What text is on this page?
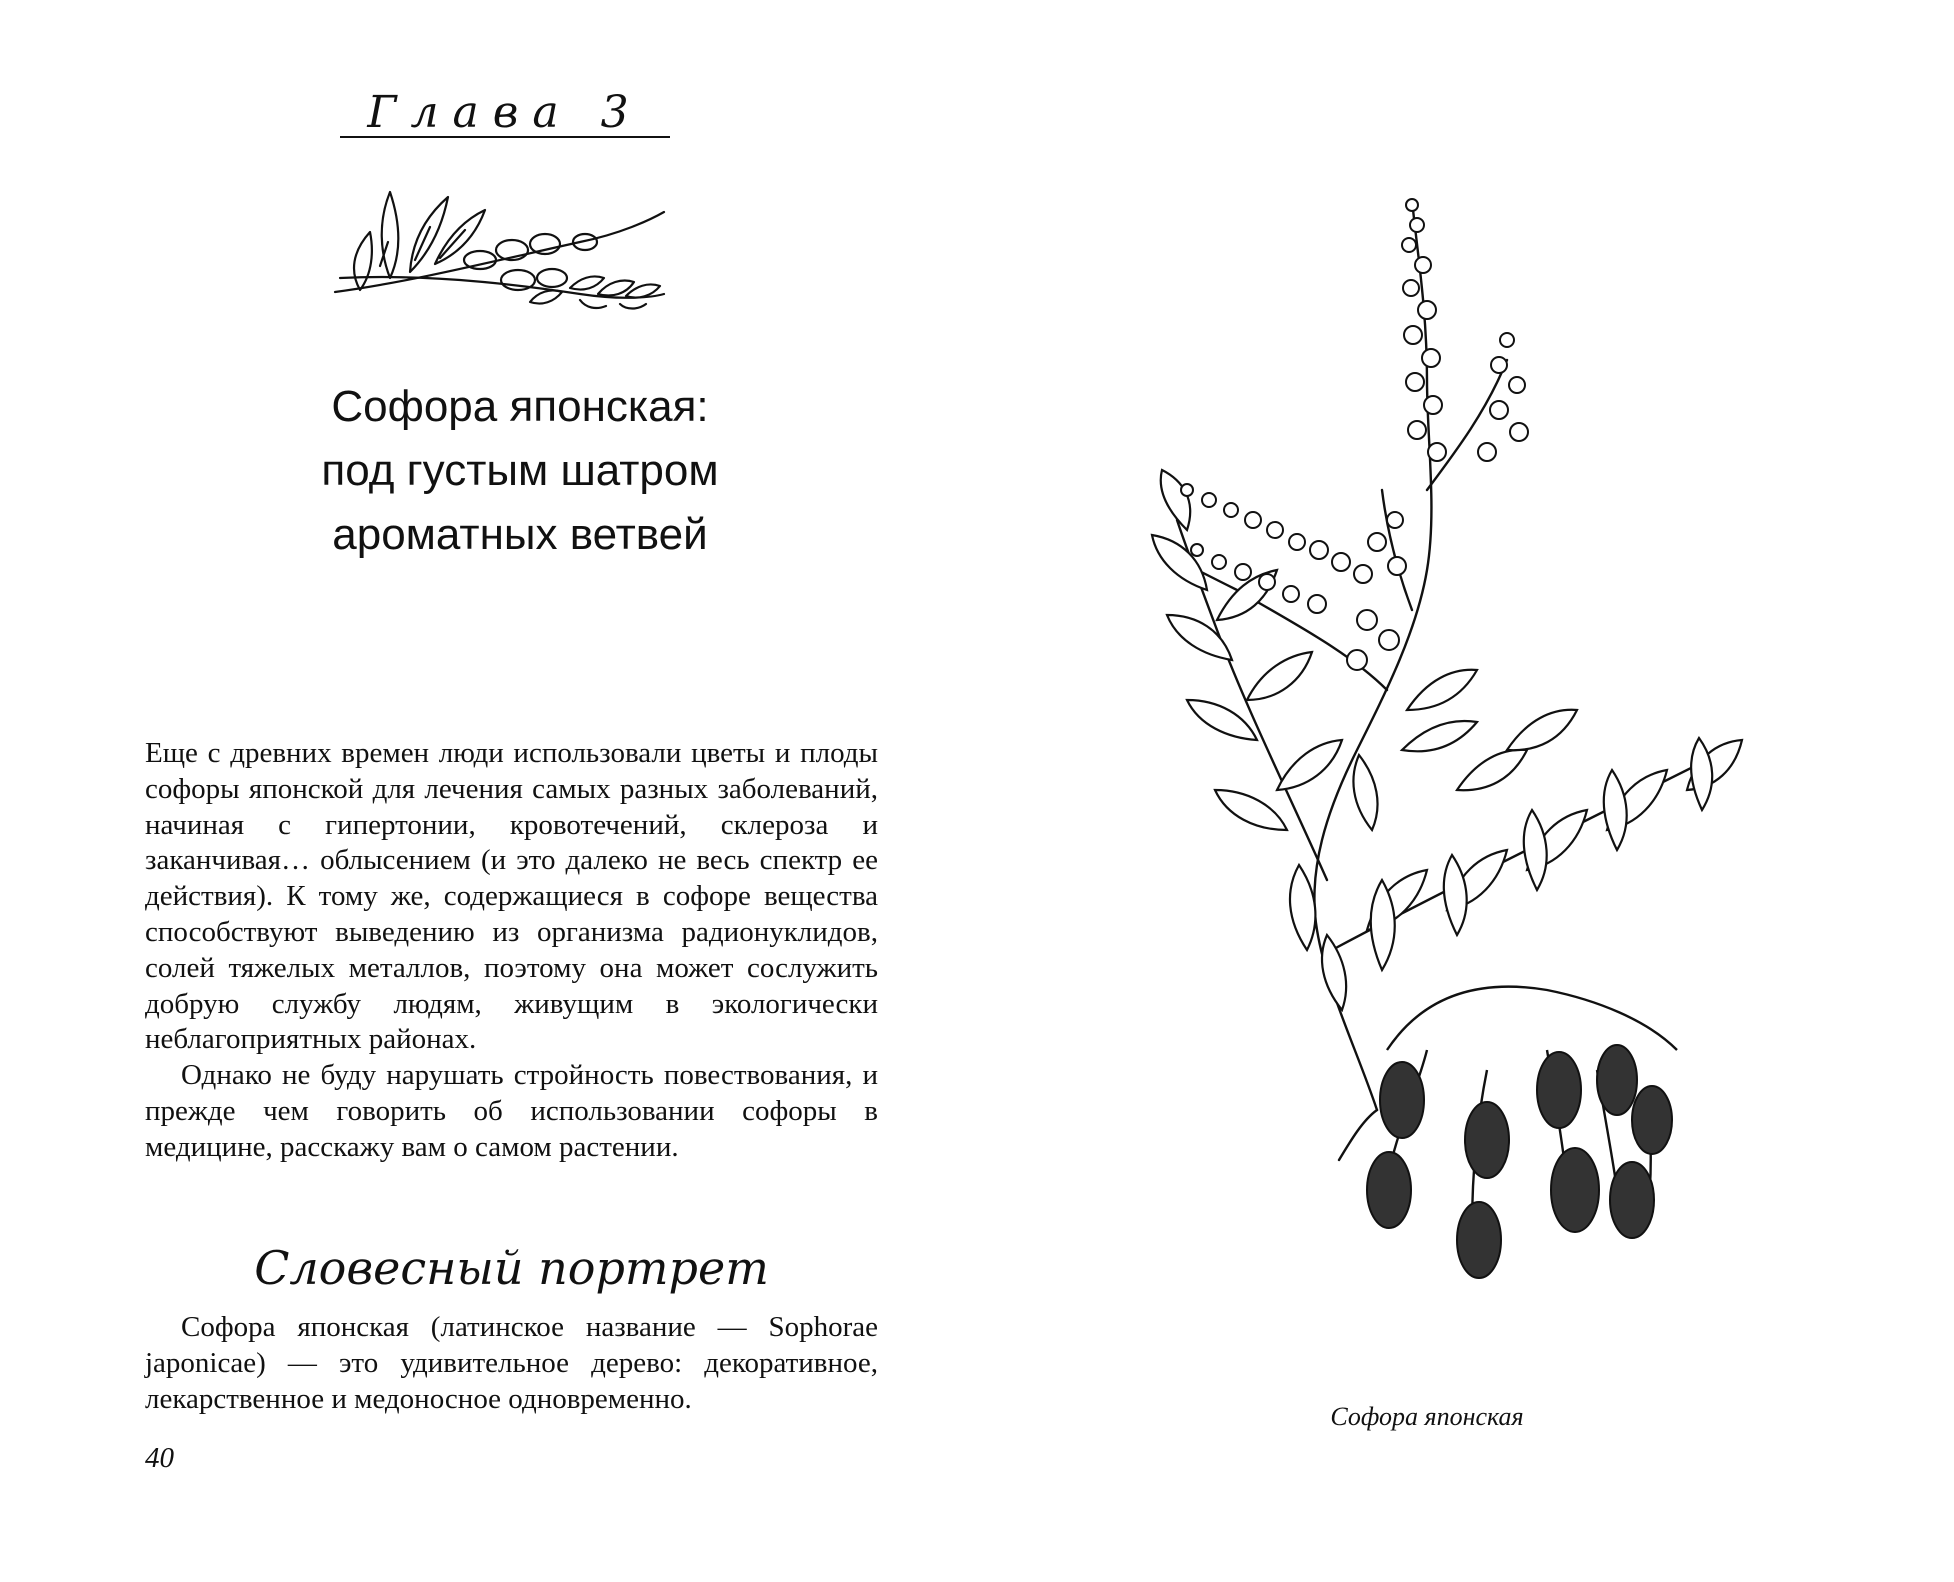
Глава 3
Софора японская:
под густым шатром
ароматных ветвей

Еще с древних времен люди использовали цветы и плоды софоры японской для лечения самых разных заболеваний, начиная с гипертонии, кровотечений, склероза и заканчивая… облысением (и это далеко не весь спектр ее действия). К тому же, содержащиеся в софоре вещества способствуют выведению из организма радионуклидов, солей тяжелых металлов, поэтому она может сослужить добрую службу людям, живущим в экологически неблагоприятных районах.

Однако не буду нарушать стройность повествования, и прежде чем говорить об использовании софоры в медицине, расскажу вам о самом растении.

Словесный портрет

Софора японская (латинское название — Sophorae japonicae) — это удивительное дерево: декоративное, лекарственное и медоносное одновременно.

40
Софора японская
